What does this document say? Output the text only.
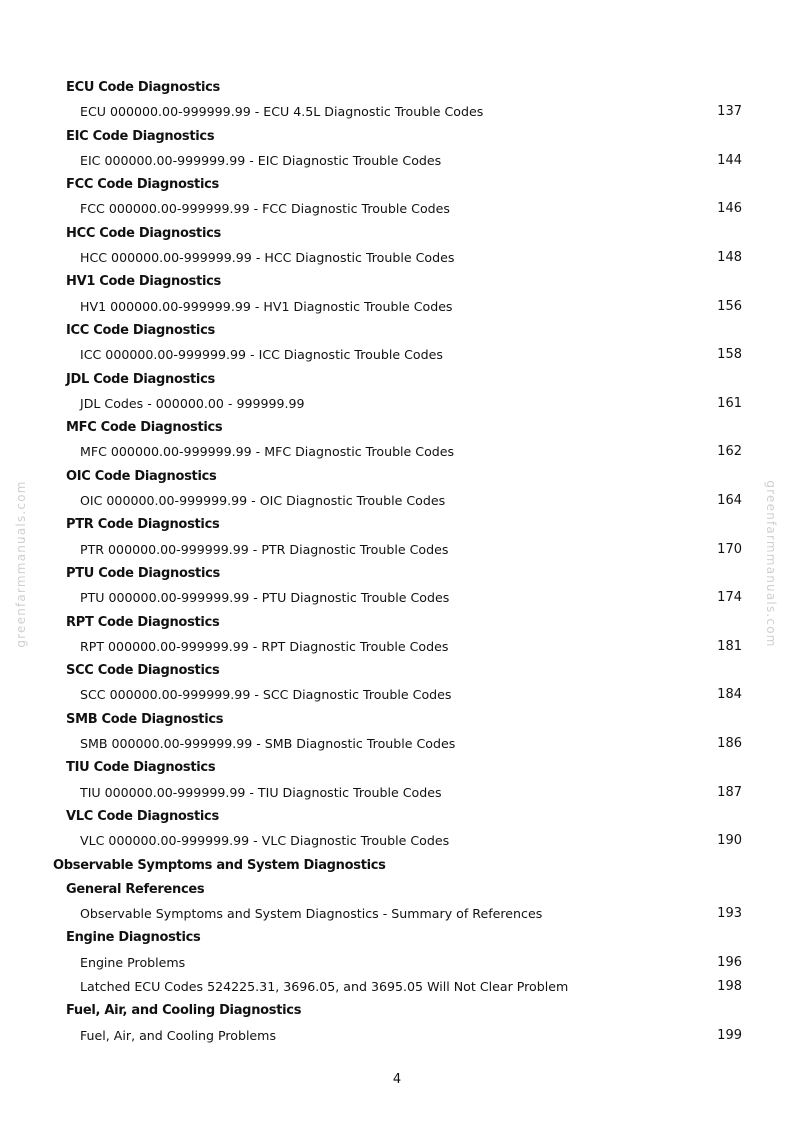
greenfarmmanuals.com	greenfarmmanuals.com
ECU Code Diagnostics
ECU 000000.00-999999.99 - ECU 4.5L Diagnostic Trouble Codes	137
EIC Code Diagnostics
EIC 000000.00-999999.99 - EIC Diagnostic Trouble Codes	144
FCC Code Diagnostics
FCC 000000.00-999999.99 - FCC Diagnostic Trouble Codes	146
HCC Code Diagnostics
HCC 000000.00-999999.99 - HCC Diagnostic Trouble Codes	148
HV1 Code Diagnostics
HV1 000000.00-999999.99 - HV1 Diagnostic Trouble Codes	156
ICC Code Diagnostics
ICC 000000.00-999999.99 - ICC Diagnostic Trouble Codes	158
JDL Code Diagnostics
JDL Codes - 000000.00 - 999999.99	161
MFC Code Diagnostics
MFC 000000.00-999999.99 - MFC Diagnostic Trouble Codes	162
OIC Code Diagnostics
OIC 000000.00-999999.99 - OIC Diagnostic Trouble Codes	164
PTR Code Diagnostics
PTR 000000.00-999999.99 - PTR Diagnostic Trouble Codes	170
PTU Code Diagnostics
PTU 000000.00-999999.99 - PTU Diagnostic Trouble Codes	174
RPT Code Diagnostics
RPT 000000.00-999999.99 - RPT Diagnostic Trouble Codes	181
SCC Code Diagnostics
SCC 000000.00-999999.99 - SCC Diagnostic Trouble Codes	184
SMB Code Diagnostics
SMB 000000.00-999999.99 - SMB Diagnostic Trouble Codes	186
TIU Code Diagnostics
TIU 000000.00-999999.99 - TIU Diagnostic Trouble Codes	187
VLC Code Diagnostics
VLC 000000.00-999999.99 - VLC Diagnostic Trouble Codes	190
Observable Symptoms and System Diagnostics
General References
Observable Symptoms and System Diagnostics - Summary of References	193
Engine Diagnostics
Engine Problems	196
Latched ECU Codes 524225.31, 3696.05, and 3695.05 Will Not Clear Problem	198
Fuel, Air, and Cooling Diagnostics
Fuel, Air, and Cooling Problems	199
4
